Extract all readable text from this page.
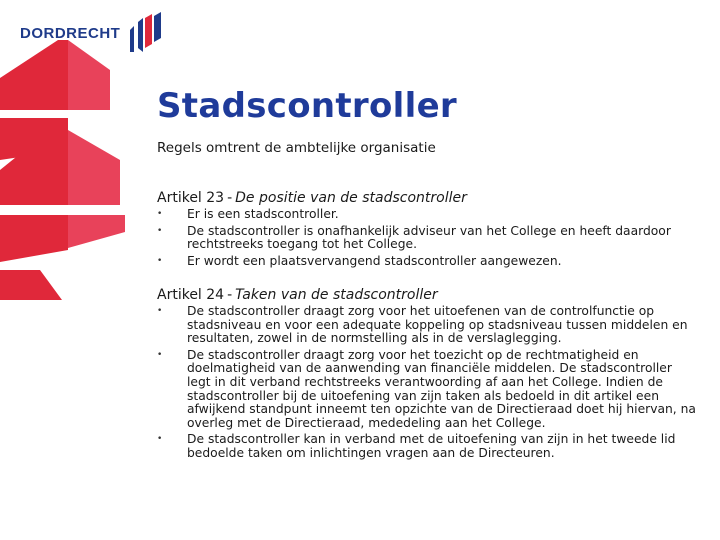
DORDRECHT
Stadscontroller

Regels omtrent de ambtelijke organisatie

Artikel 23 - De positie van de stadscontroller

• Er is een stadscontroller.
• De stadscontroller is onafhankelijk adviseur van het College en heeft daardoor rechtstreeks toegang tot het College.
• Er wordt een plaatsvervangend stadscontroller aangewezen.

Artikel 24 - Taken van de stadscontroller

• De stadscontroller draagt zorg voor het uitoefenen van de controlfunctie op stadsniveau en voor een adequate koppeling op stadsniveau tussen middelen en resultaten, zowel in de normstelling als in de verslaglegging.
• De stadscontroller draagt zorg voor het toezicht op de rechtmatigheid en doelmatigheid van de aanwending van financiële middelen. De stadscontroller legt in dit verband rechtstreeks verantwoording af aan het College. Indien de stadscontroller bij de uitoefening van zijn taken als bedoeld in dit artikel een afwijkend standpunt inneemt ten opzichte van de Directieraad doet hij hiervan, na overleg met de Directieraad, mededeling aan het College.
• De stadscontroller kan in verband met de uitoefening van zijn in het tweede lid bedoelde taken om inlichtingen vragen aan de Directeuren.
